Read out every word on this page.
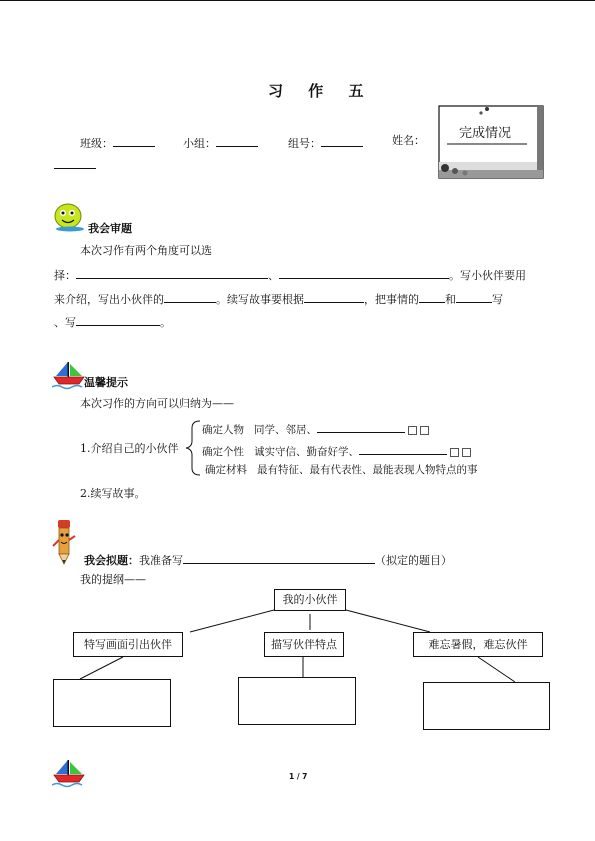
习 作 五
班级：	小组：	组号：	姓名：	完成情况
我会审题
本次习作有两个角度可以选
择：	、	。写小伙伴要用
来介绍，写出小伙伴的	。续写故事要根据	，把事情的 和	写
、写	。
温馨提示
本次习作的方向可以归纳为——
1.介绍自己的小伙伴
确定人物 同学、邻居、
确定个性 诚实守信、勤奋好学、
确定材料 最有特征、最有代表性、最能表现人物特点的事
2.续写故事。
我会拟题：我准备写	（拟定的题目）
我的提纲——
我的小伙伴
特写画面引出伙伴	描写伙伴特点	难忘暑假，难忘伙伴
1 / 7
